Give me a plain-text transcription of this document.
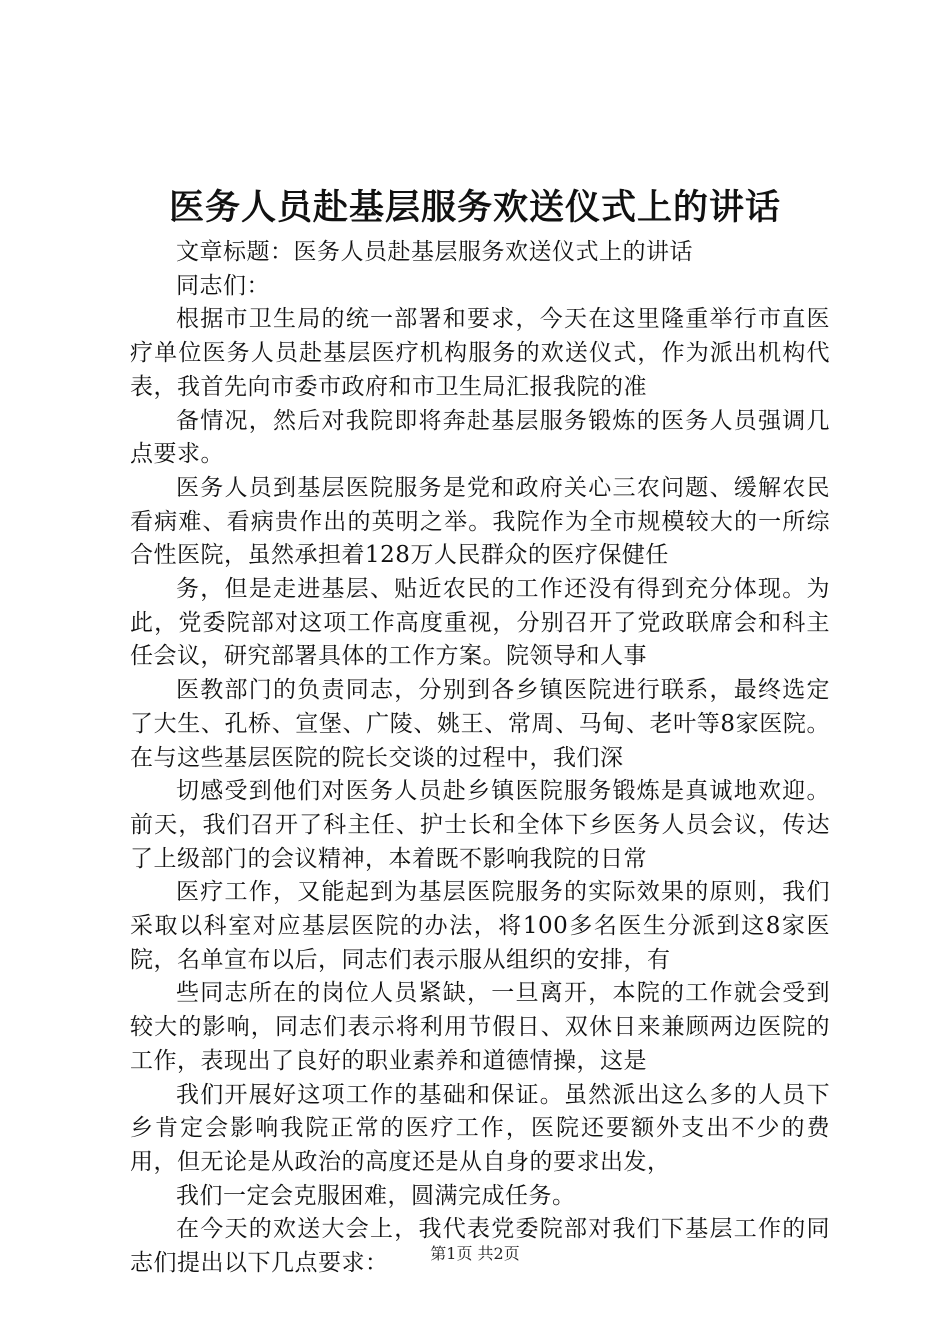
医务人员赴基层服务欢送仪式上的讲话

文章标题：医务人员赴基层服务欢送仪式上的讲话

同志们：

根据市卫生局的统一部署和要求，今天在这里隆重举行市直医疗单位医务人员赴基层医疗机构服务的欢送仪式，作为派出机构代表，我首先向市委市政府和市卫生局汇报我院的准

备情况，然后对我院即将奔赴基层服务锻炼的医务人员强调几点要求。

医务人员到基层医院服务是党和政府关心三农问题、缓解农民看病难、看病贵作出的英明之举。我院作为全市规模较大的一所综合性医院，虽然承担着128万人民群众的医疗保健任

务，但是走进基层、贴近农民的工作还没有得到充分体现。为此，党委院部对这项工作高度重视，分别召开了党政联席会和科主任会议，研究部署具体的工作方案。院领导和人事

医教部门的负责同志，分别到各乡镇医院进行联系，最终选定了大生、孔桥、宣堡、广陵、姚王、常周、马甸、老叶等8家医院。在与这些基层医院的院长交谈的过程中，我们深

切感受到他们对医务人员赴乡镇医院服务锻炼是真诚地欢迎。前天，我们召开了科主任、护士长和全体下乡医务人员会议，传达了上级部门的会议精神，本着既不影响我院的日常

医疗工作，又能起到为基层医院服务的实际效果的原则，我们采取以科室对应基层医院的办法，将100多名医生分派到这8家医院，名单宣布以后，同志们表示服从组织的安排，有

些同志所在的岗位人员紧缺，一旦离开，本院的工作就会受到较大的影响，同志们表示将利用节假日、双休日来兼顾两边医院的工作，表现出了良好的职业素养和道德情操，这是

我们开展好这项工作的基础和保证。虽然派出这么多的人员下乡肯定会影响我院正常的医疗工作，医院还要额外支出不少的费用，但无论是从政治的高度还是从自身的要求出发，

我们一定会克服困难，圆满完成任务。

在今天的欢送大会上，我代表党委院部对我们下基层工作的同志们提出以下几点要求：	第1页 共2页
